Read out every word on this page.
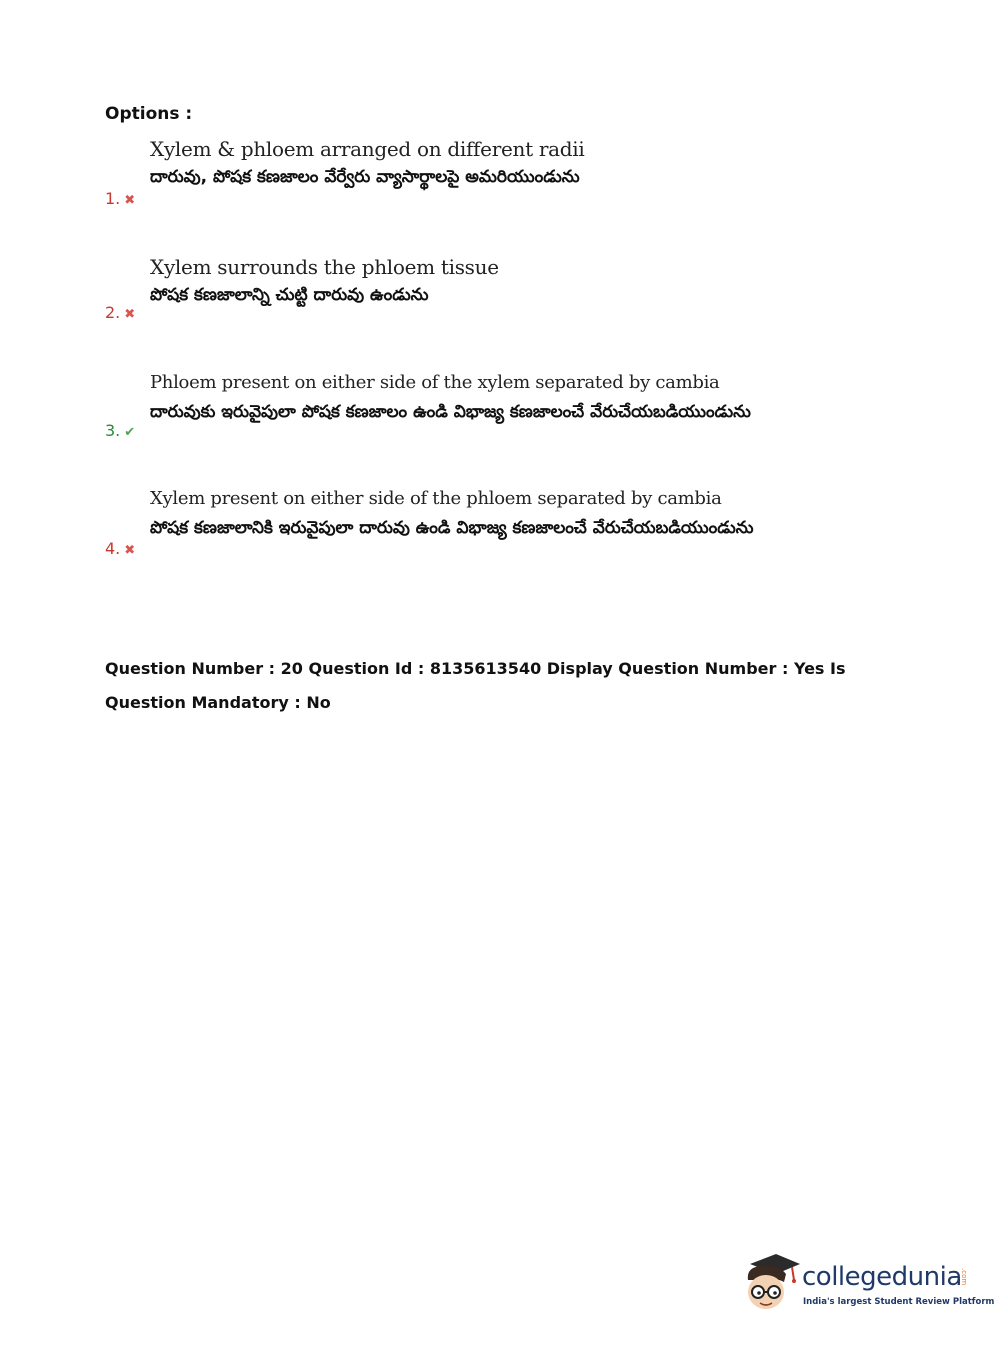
Options :
Xylem & phloem arranged on different radii
దారువు, పోషక కణజాలం వేర్వేరు వ్యాసార్థాలపై అమరియుండును
1. ✖
Xylem surrounds the phloem tissue
పోషక కణజాలాన్ని చుట్టి దారువు ఉండును
2. ✖
Phloem present on either side of the xylem separated by cambia
దారువుకు ఇరువైపులా పోషక కణజాలం ఉండి విభాజ్య కణజాలంచే వేరుచేయబడియుండును
3. ✔
Xylem present on either side of the phloem separated by cambia
పోషక కణజాలానికి ఇరువైపులా దారువు ఉండి విభాజ్య కణజాలంచే వేరుచేయబడియుండును
4. ✖
Question Number : 20 Question Id : 8135613540 Display Question Number : Yes Is Question Mandatory : No
collegedunia
.com
India's largest Student Review Platform
